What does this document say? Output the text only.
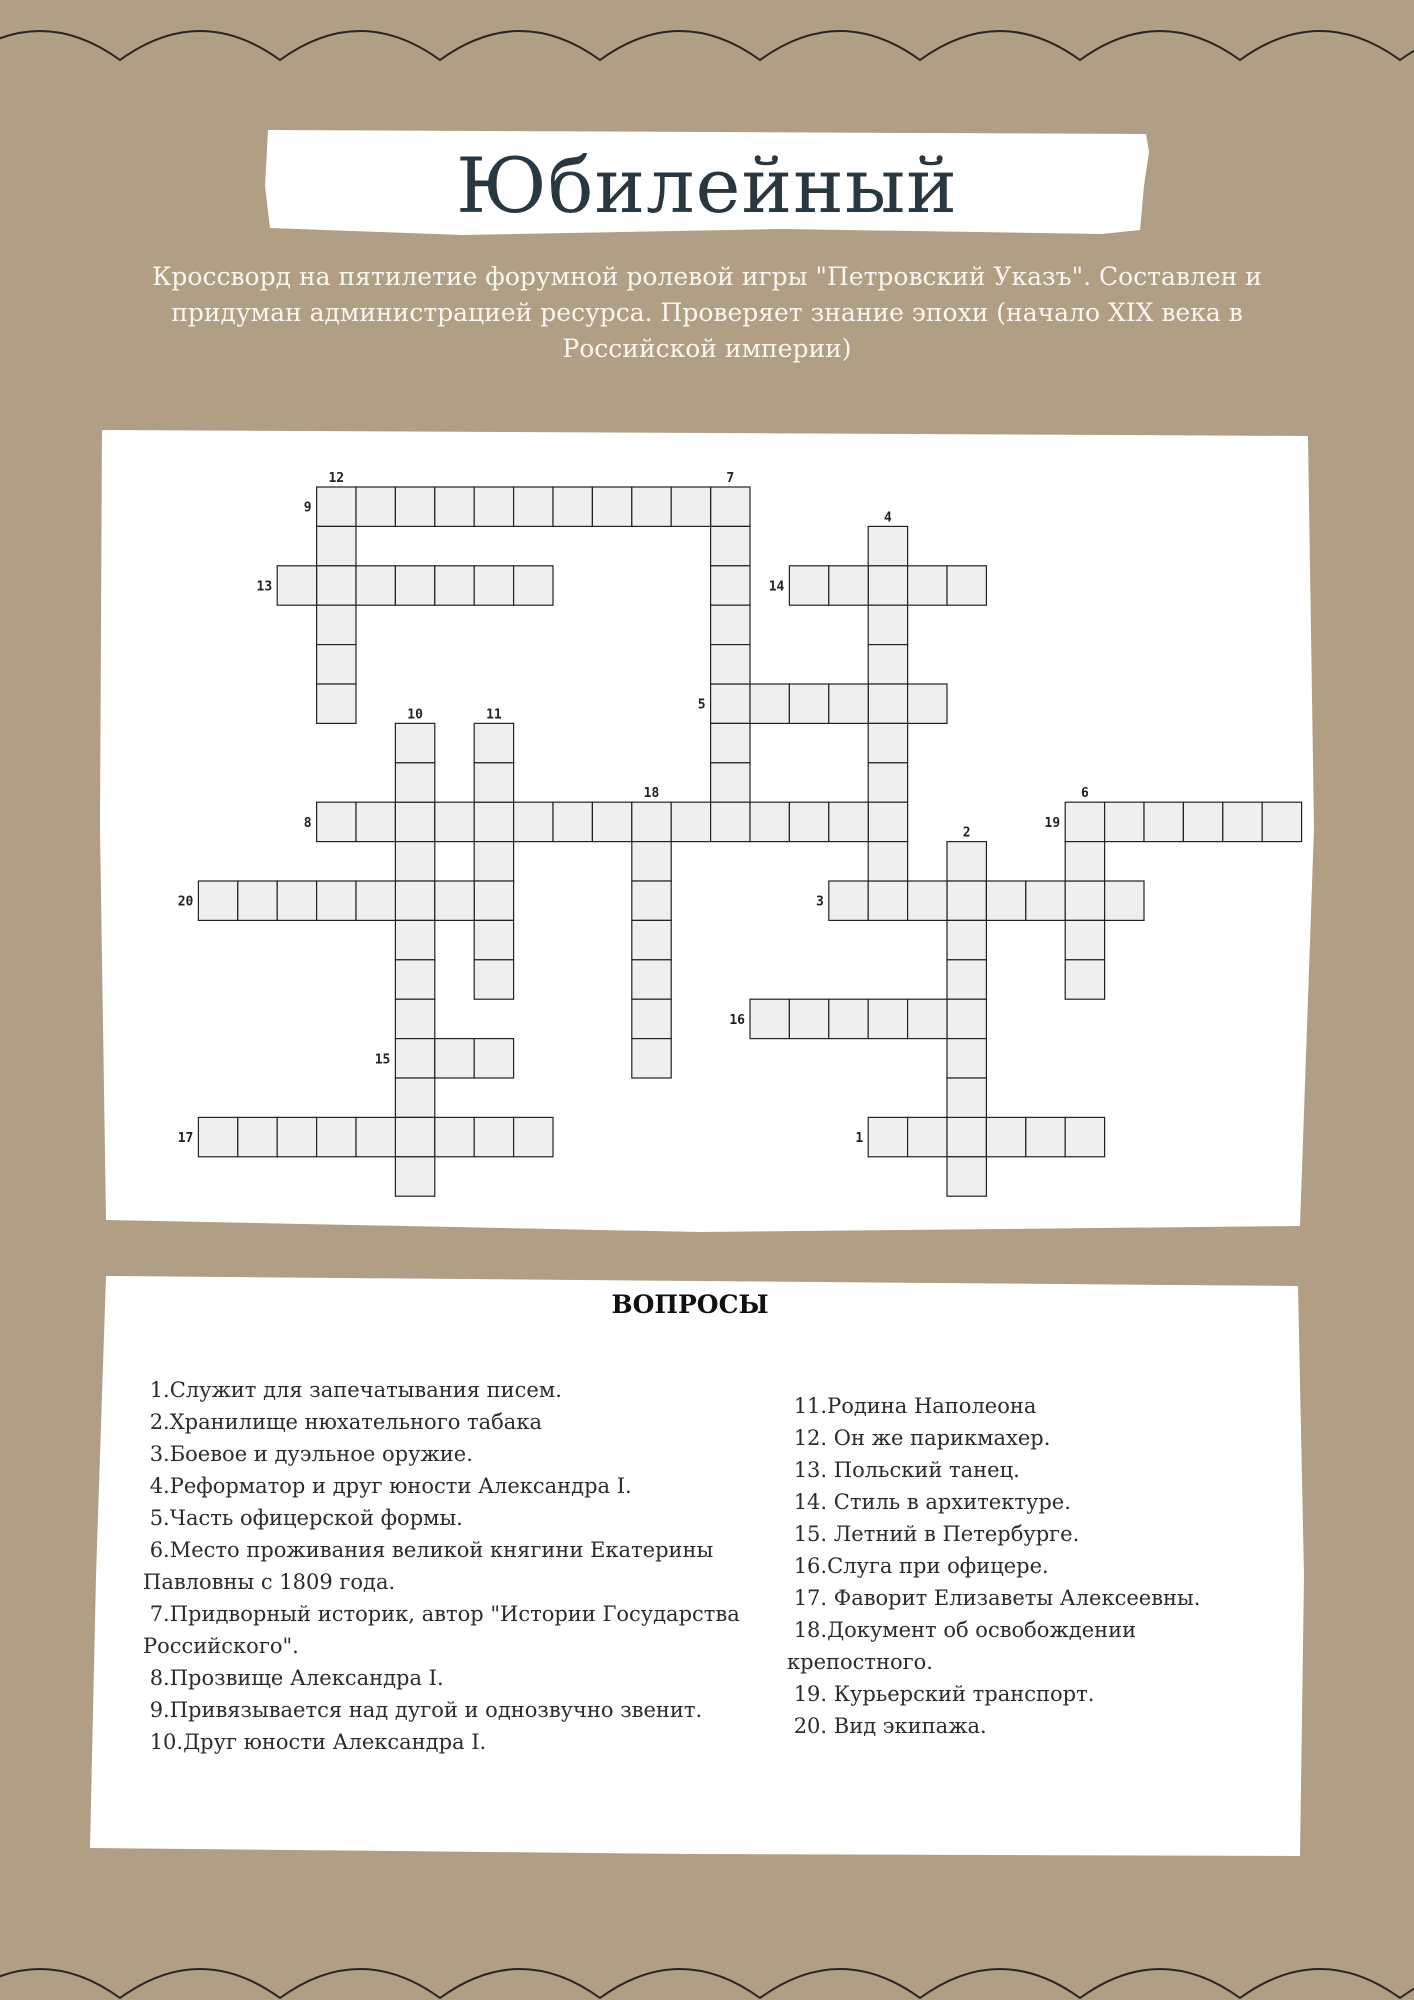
Юбилейный
Кроссворд на пятилетие форумной ролевой игры "Петровский Указъ". Составлен и придуман администрацией ресурса. Проверяет знание эпохи (начало XIX века в Российской империи)
1
2
3
4
5
6
7
8
9
10	11
12
13	14
15
16
17
18
19
20
ВОПРОСЫ
1.Служит для запечатывания писем.
2.Хранилище нюхательного табака
3.Боевое и дуэльное оружие.
4.Реформатор и друг юности Александра I.
5.Часть офицерской формы.
6.Место проживания великой княгини Екатерины Павловны с 1809 года.
7.Придворный историк, автор "Истории Государства Российского".
8.Прозвище Александра I.
9.Привязывается над дугой и однозвучно звенит.
10.Друг юности Александра I.
11.Родина Наполеона
12. Он же парикмахер.
13. Польский танец.
14. Стиль в архитектуре.
15. Летний в Петербурге.
16.Слуга при офицере.
17. Фаворит Елизаветы Алексеевны.
18.Документ об освобождении крепостного.
19. Курьерский транспорт.
20. Вид экипажа.
